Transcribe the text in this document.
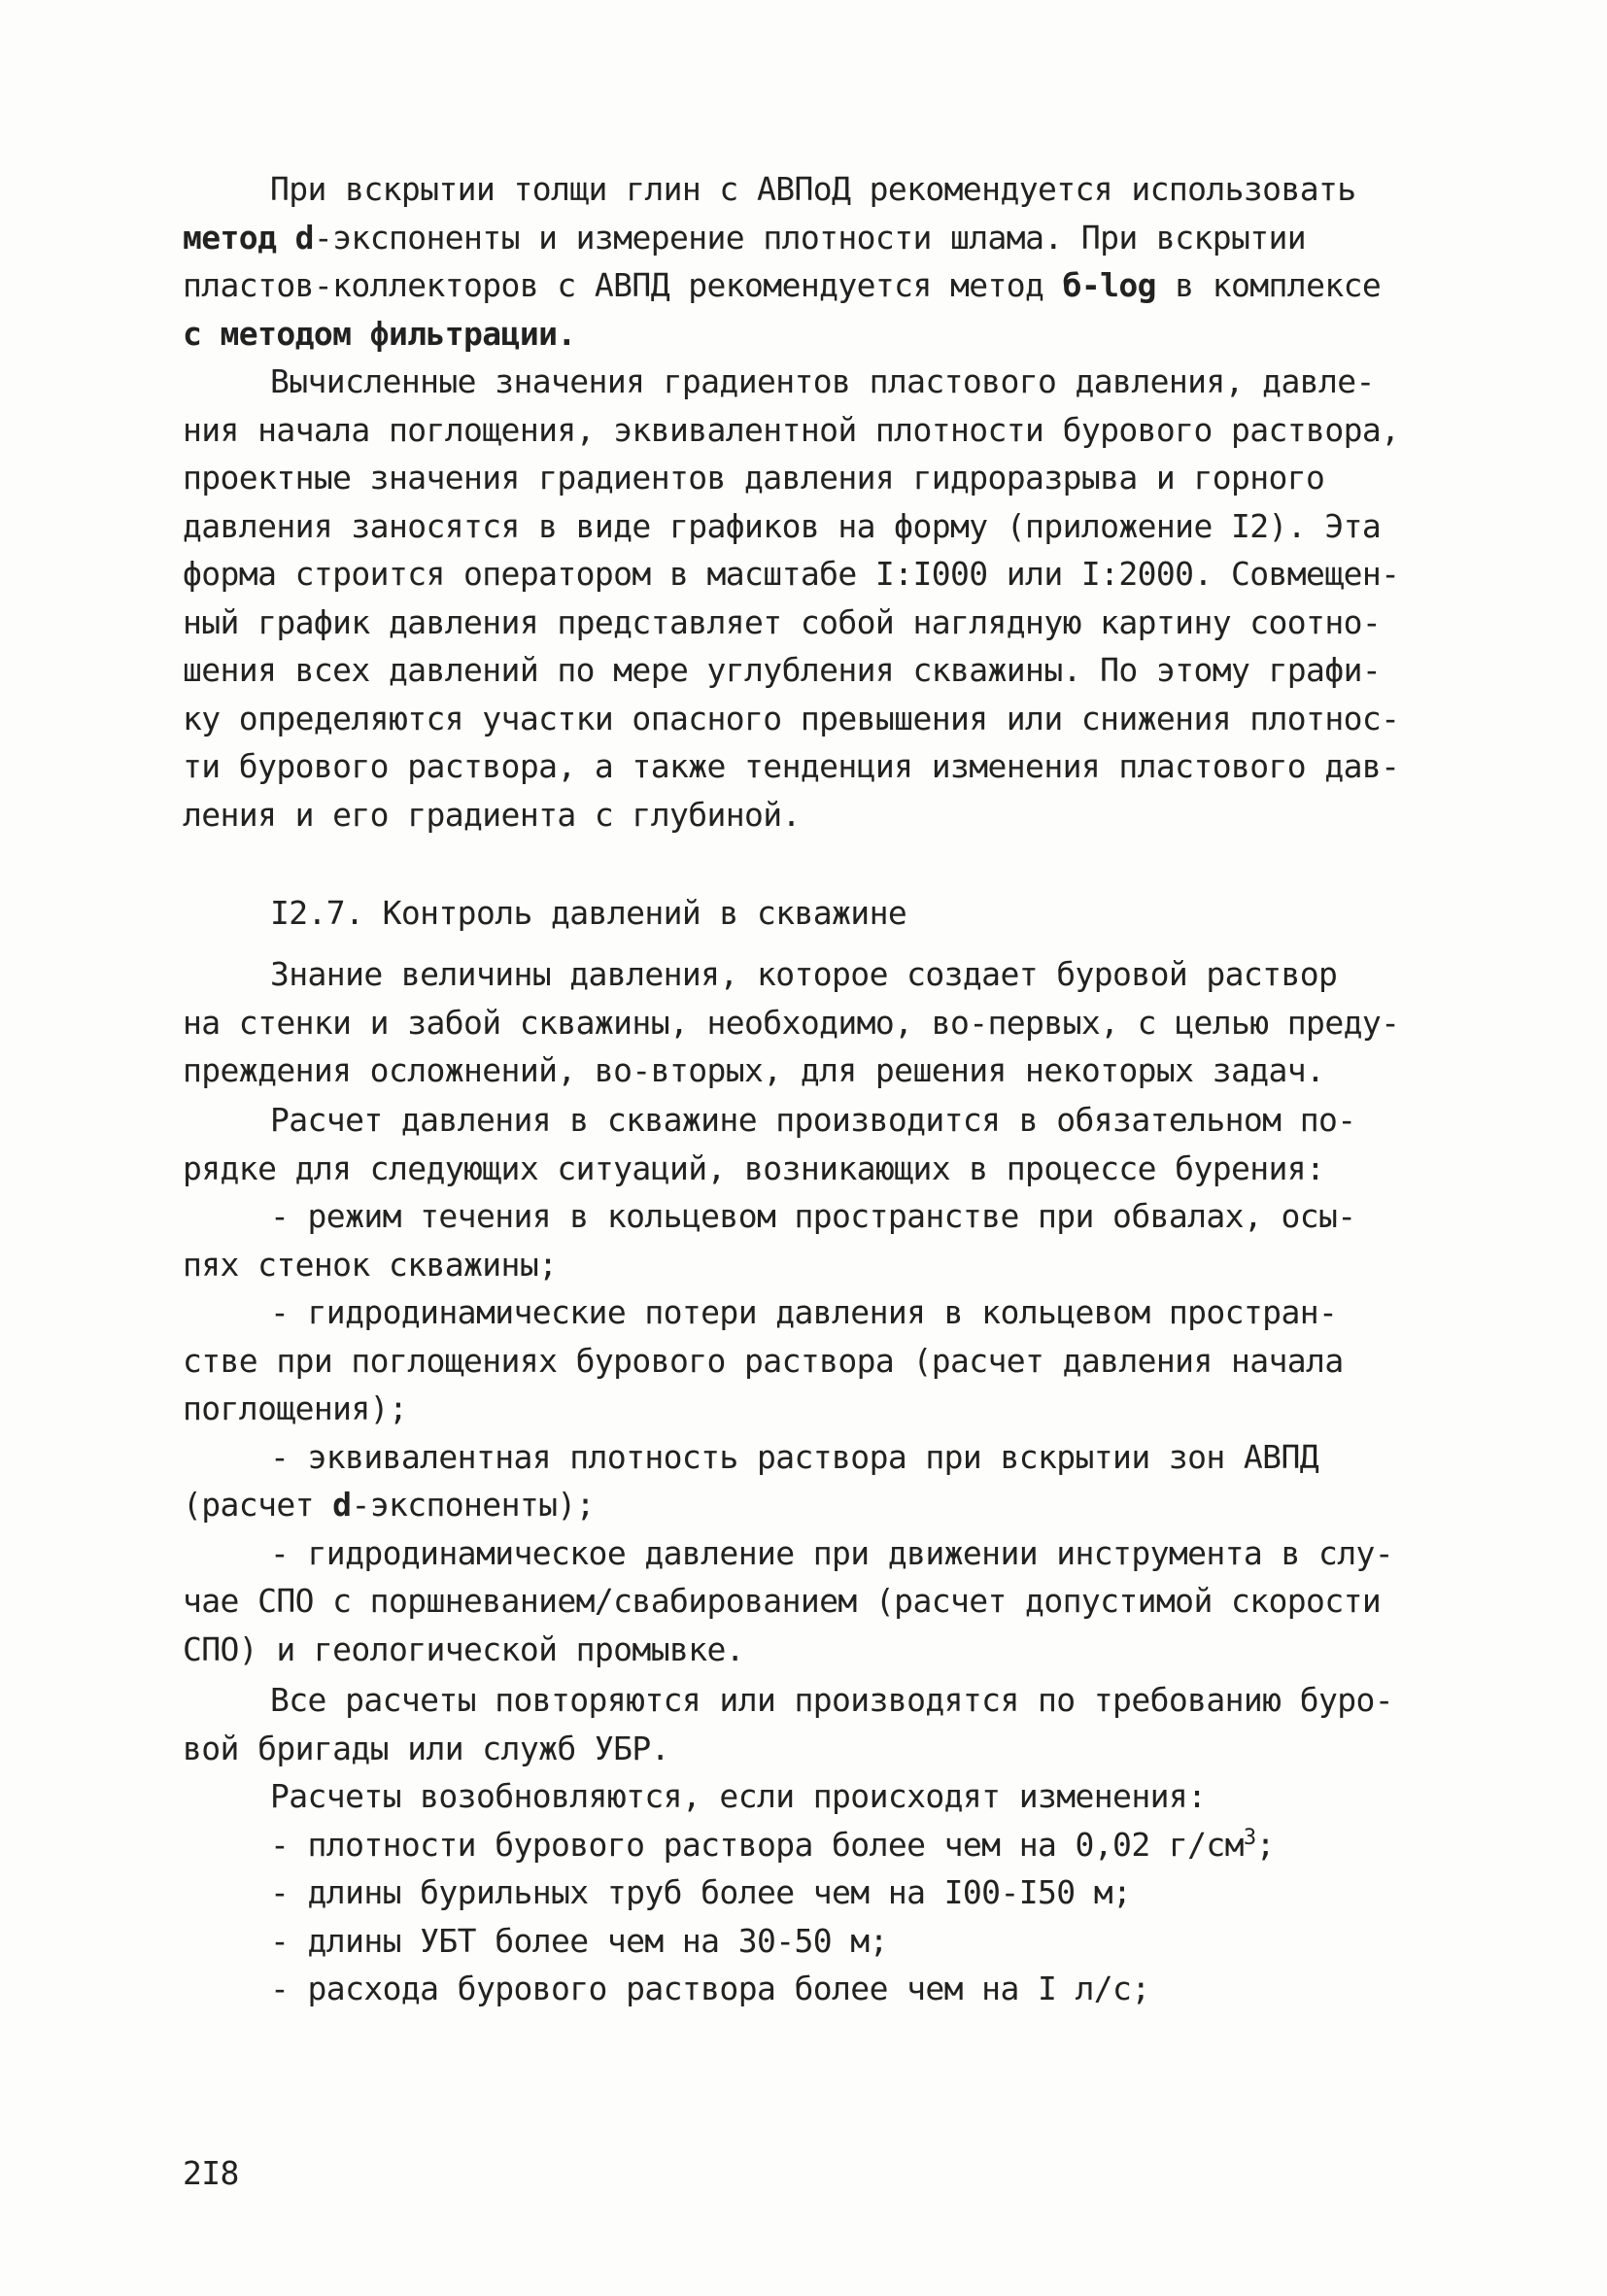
При вскрытии толщи глин с АВПоД рекомендуется использовать
метод d-экспоненты и измерение плотности шлама. При вскрытии
пластов-коллекторов с АВПД рекомендуется метод б-log в комплексе
с методом фильтрации.
Вычисленные значения градиентов пластового давления, давле-
ния начала поглощения, эквивалентной плотности бурового раствора,
проектные значения градиентов давления гидроразрыва и горного
давления заносятся в виде графиков на форму (приложение I2). Эта
форма строится оператором в масштабе I:I000 или I:2000. Совмещен-
ный график давления представляет собой наглядную картину соотно-
шения всех давлений по мере углубления скважины. По этому графи-
ку определяются участки опасного превышения или снижения плотнос-
ти бурового раствора, а также тенденция изменения пластового дав-
ления и его градиента с глубиной.
I2.7. Контроль давлений в скважине
Знание величины давления, которое создает буровой раствор
на стенки и забой скважины, необходимо, во-первых, с целью преду-
преждения осложнений, во-вторых, для решения некоторых задач.
Расчет давления в скважине производится в обязательном по-
рядке для следующих ситуаций, возникающих в процессе бурения:
- режим течения в кольцевом пространстве при обвалах, осы-
пях стенок скважины;
- гидродинамические потери давления в кольцевом простран-
стве при поглощениях бурового раствора (расчет давления начала
поглощения);
- эквивалентная плотность раствора при вскрытии зон АВПД
(расчет d-экспоненты);
- гидродинамическое давление при движении инструмента в слу-
чае СПО с поршневанием/свабированием (расчет допустимой скорости
СПО) и геологической промывке.
Все расчеты повторяются или производятся по требованию буро-
вой бригады или служб УБР.
Расчеты возобновляются, если происходят изменения:
- плотности бурового раствора более чем на 0,02 $г/см^3$;
- длины бурильных труб более чем на I00-I50 м;
- длины УБТ более чем на 30-50 м;
- расхода бурового раствора более чем на I л/с;
2I8
